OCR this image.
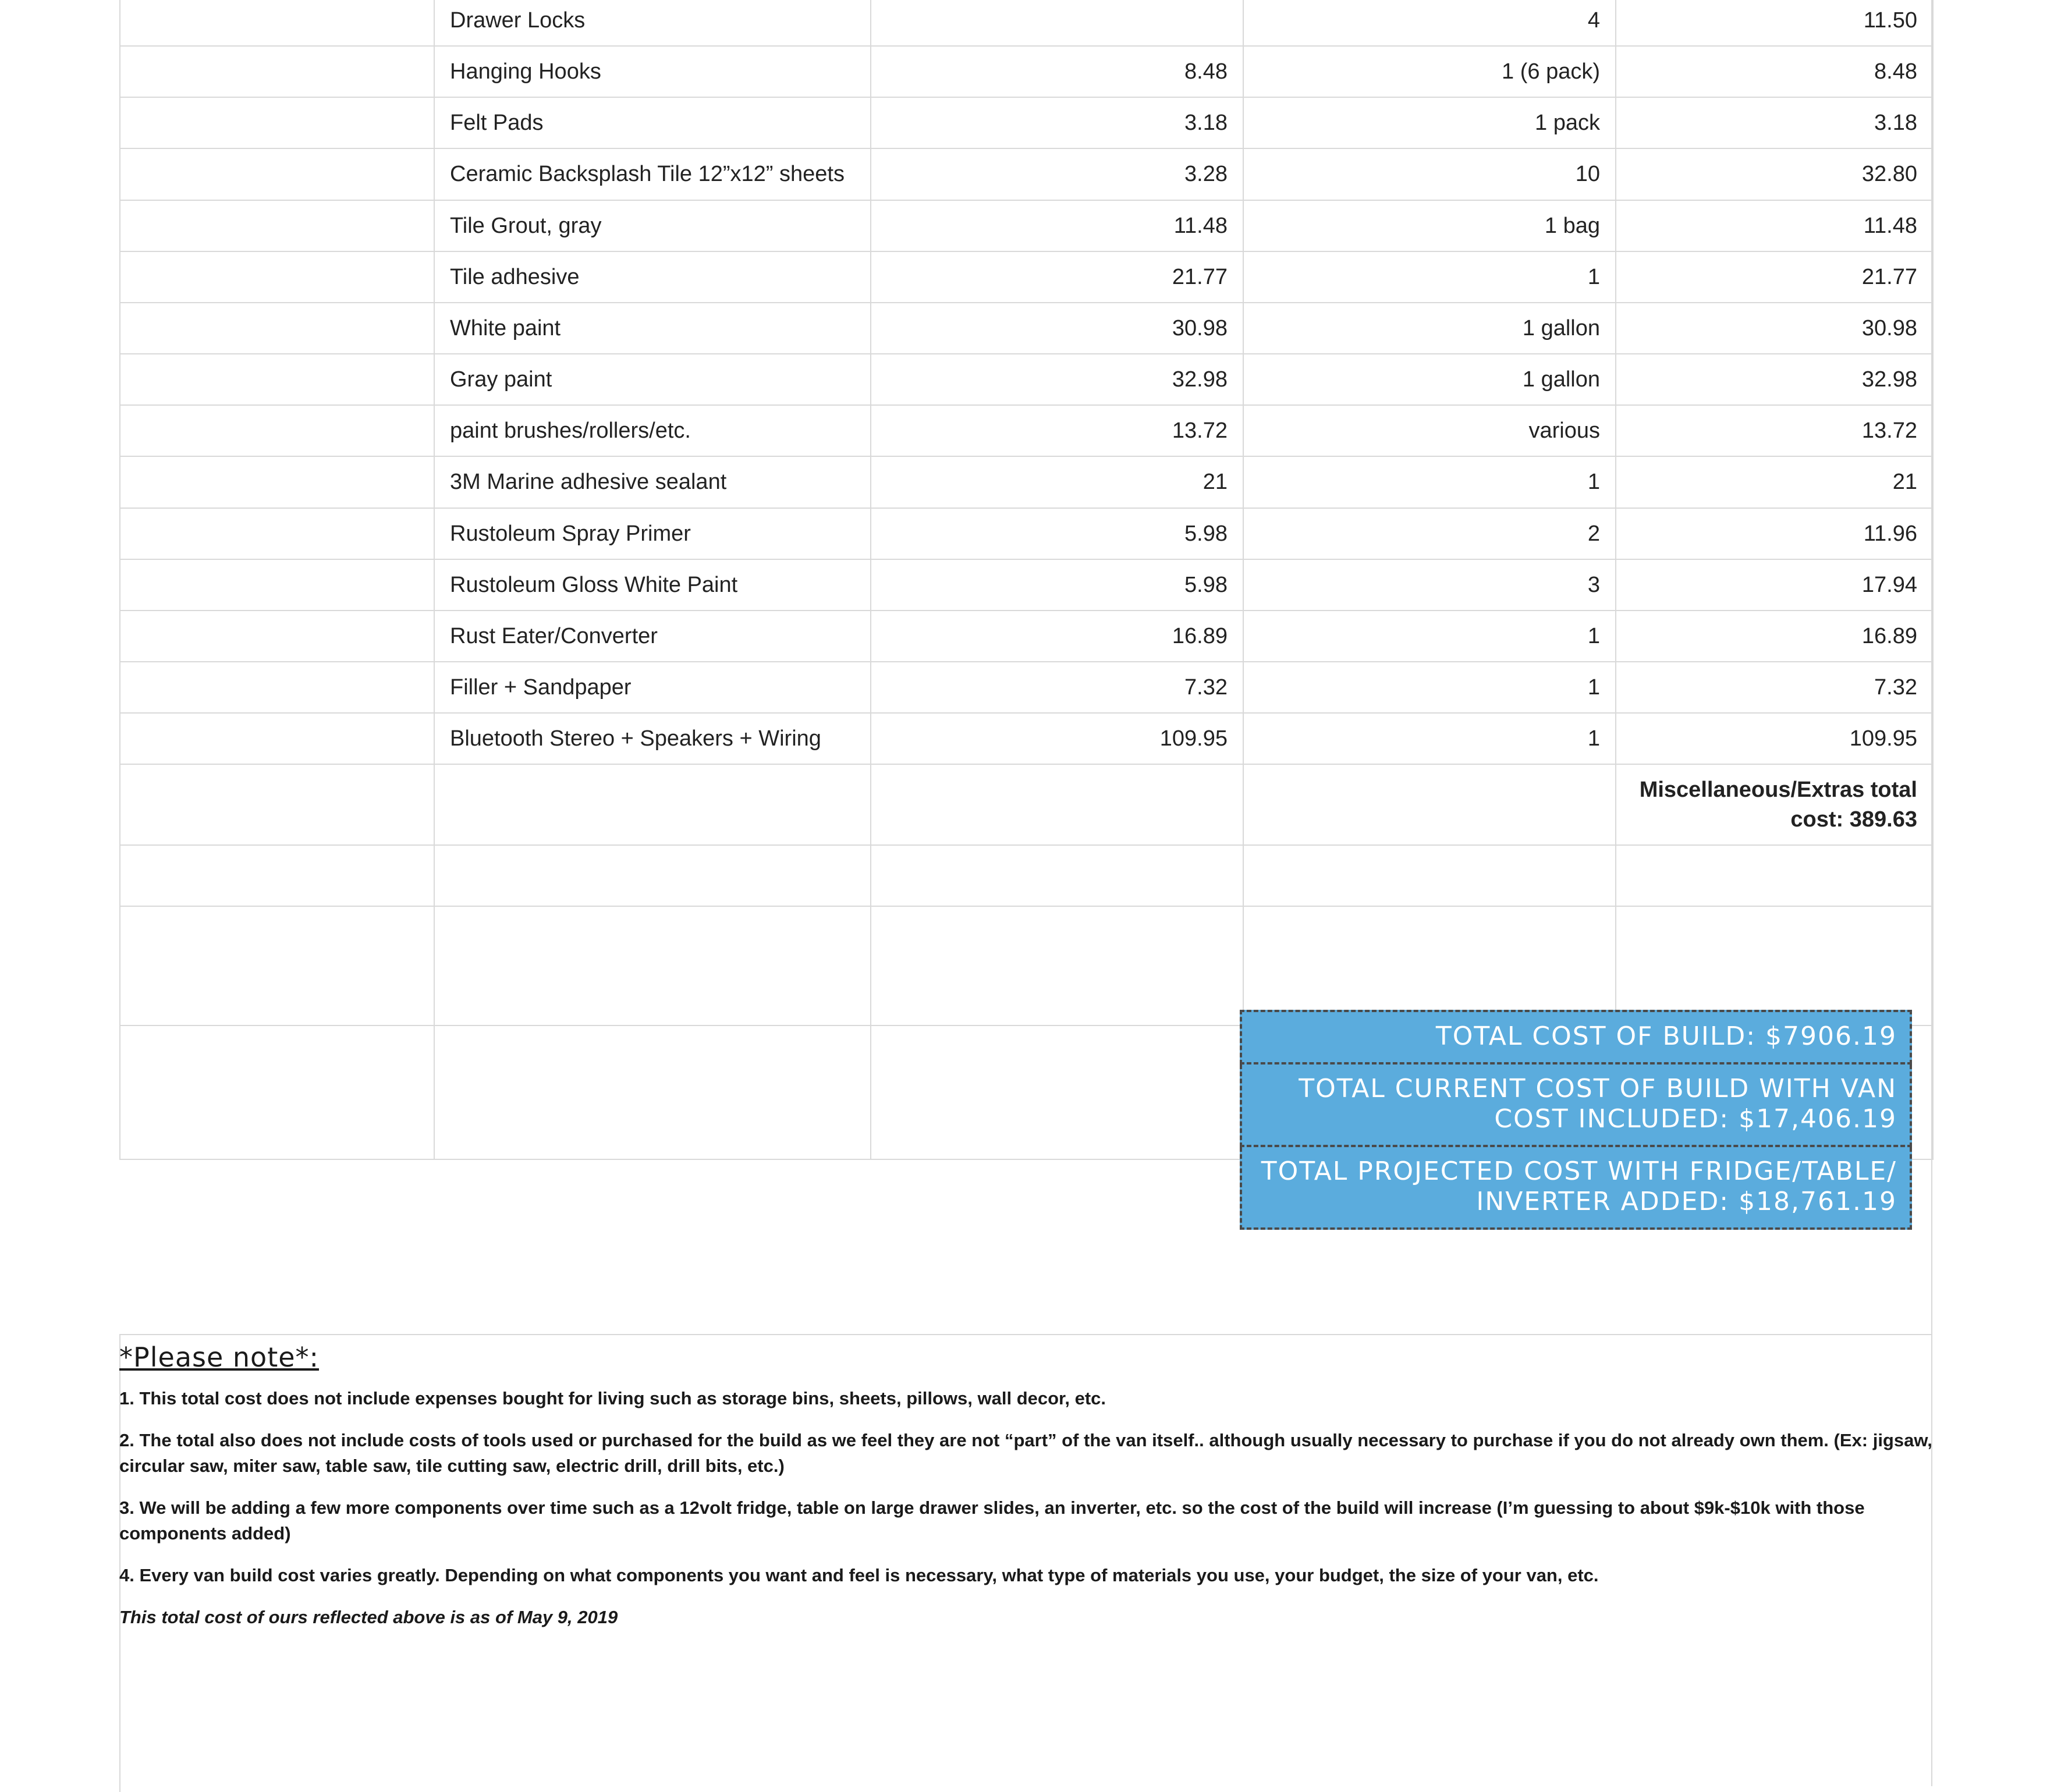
	Drawer Locks		4	11.50
	Hanging Hooks	8.48	1 (6 pack)	8.48
	Felt Pads	3.18	1 pack	3.18
	Ceramic Backsplash Tile 12”x12” sheets	3.28	10	32.80
	Tile Grout, gray	11.48	1 bag	11.48
	Tile adhesive	21.77	1	21.77
	White paint	30.98	1 gallon	30.98
	Gray paint	32.98	1 gallon	32.98
	paint brushes/rollers/etc.	13.72	various	13.72
	3M Marine adhesive sealant	21	1	21
	Rustoleum Spray Primer	5.98	2	11.96
	Rustoleum Gloss White Paint	5.98	3	17.94
	Rust Eater/Converter	16.89	1	16.89
	Filler + Sandpaper	7.32	1	7.32
	Bluetooth Stereo + Speakers + Wiring	109.95	1	109.95
				Miscellaneous/Extras total cost: 389.63

TOTAL COST OF BUILD: $7906.19
TOTAL CURRENT COST OF BUILD WITH VAN COST INCLUDED: $17,406.19
TOTAL PROJECTED COST WITH FRIDGE/TABLE/ INVERTER ADDED: $18,761.19
*Please note*:

1. This total cost does not include expenses bought for living such as storage bins, sheets, pillows, wall decor, etc.

2. The total also does not include costs of tools used or purchased for the build as we feel they are not “part” of the van itself.. although usually necessary to purchase if you do not already own them. (Ex: jigsaw, circular saw, miter saw, table saw, tile cutting saw, electric drill, drill bits, etc.)

3. We will be adding a few more components over time such as a 12volt fridge, table on large drawer slides, an inverter, etc. so the cost of the build will increase (I’m guessing to about $9k-$10k with those components added)

4. Every van build cost varies greatly. Depending on what components you want and feel is necessary, what type of materials you use, your budget, the size of your van, etc.

This total cost of ours reflected above is as of May 9, 2019
